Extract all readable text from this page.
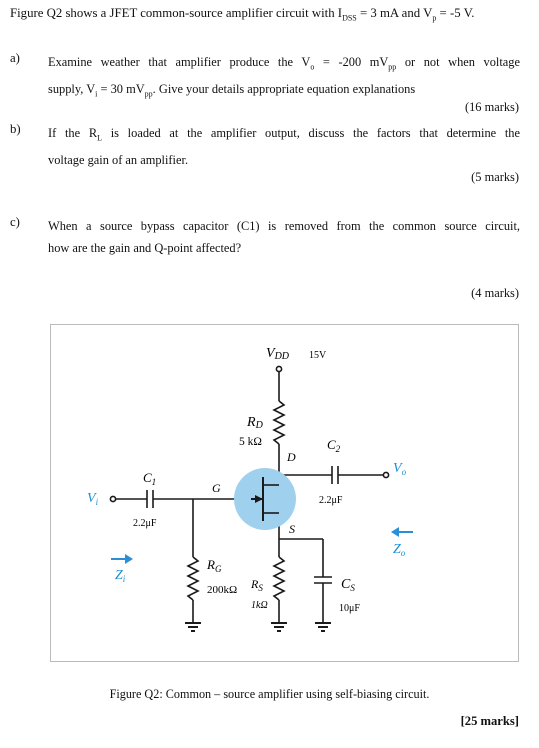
Figure Q2 shows a JFET common-source amplifier circuit with $I_{DSS} = 3$ mA and $V_p = -5$ V.
a) Examine weather that amplifier produce the $V_o = -200$ $mV_{pp}$ or not when voltage
supply, $V_i = 30$ $mV_{pp}$. Give your details appropriate equation explanations
(16 marks)
b) If the $R_L$ is loaded at the amplifier output, discuss the factors that determine the
voltage gain of an amplifier.
(5 marks)
c) When a source bypass capacitor (C1) is removed from the common source circuit,
how are the gain and Q-point affected?
(4 marks)
VDD 15V
RD
5 kΩ
D
G
S
$C_2$
2.2μF
$V_o$
$V_i$
$C_1$
2.2μF
$Z_i$
$Z_o$
$R_G$
200kΩ $R_S$
1kΩ
$C_S$
10μF
Figure Q2: Common – source amplifier using self-biasing circuit.
[25 marks]
